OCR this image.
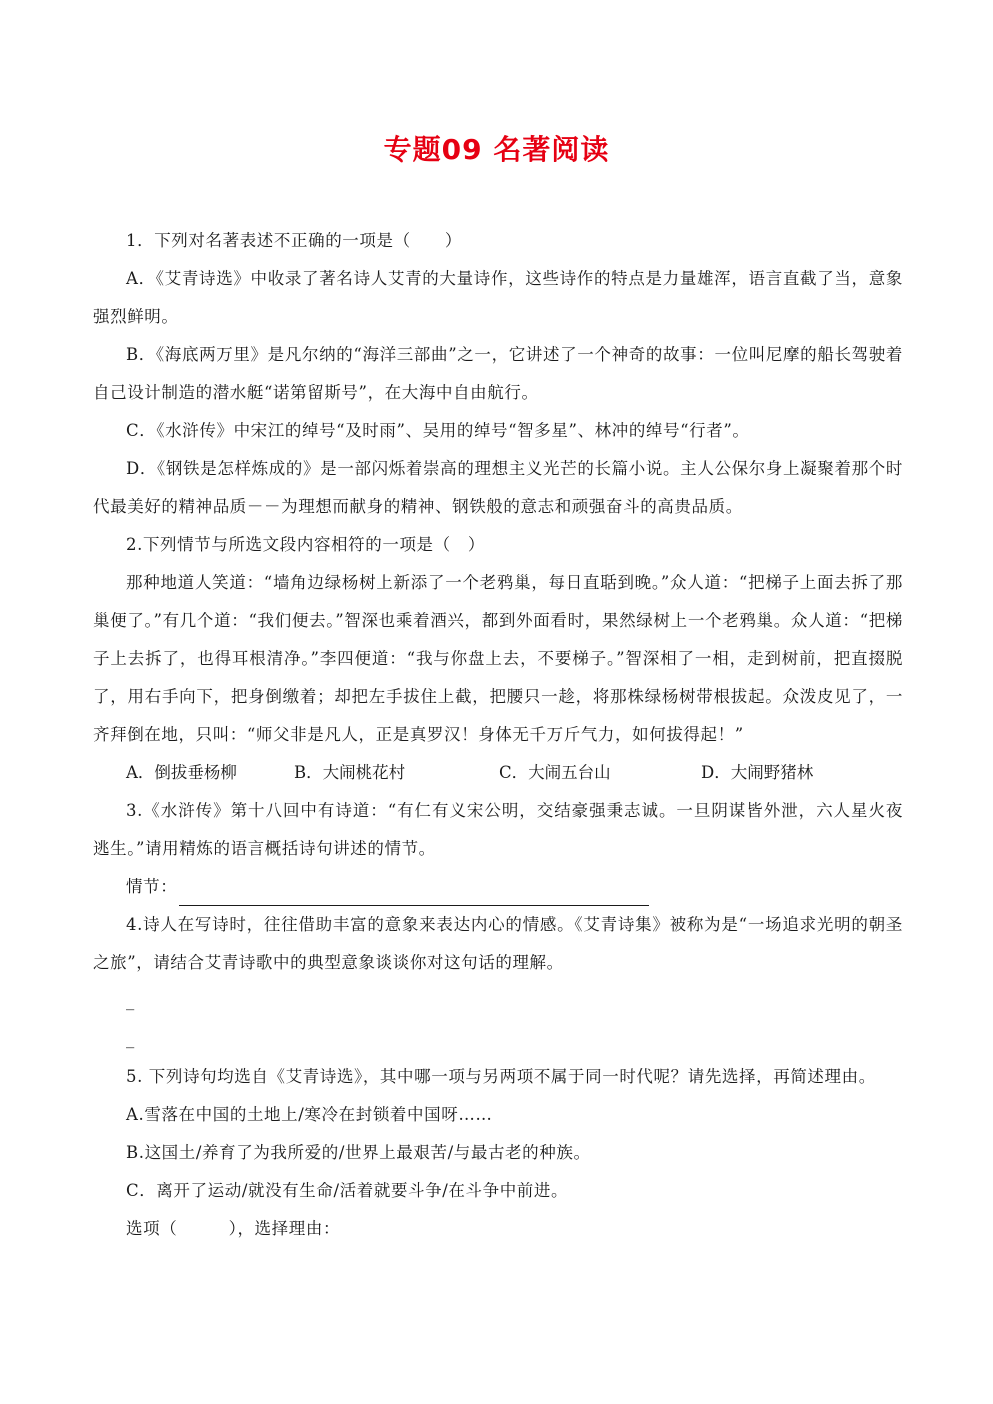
专题09 名著阅读

1．下列对名著表述不正确的一项是（　　）

A．《艾青诗选》中收录了著名诗人艾青的大量诗作，这些诗作的特点是力量雄浑，语言直截了当，意象强烈鲜明。

B．《海底两万里》是凡尔纳的“海洋三部曲”之一，它讲述了一个神奇的故事：一位叫尼摩的船长驾驶着自己设计制造的潜水艇“诺第留斯号”，在大海中自由航行。

C．《水浒传》中宋江的绰号“及时雨”、吴用的绰号“智多星”、林冲的绰号“行者”。

D．《钢铁是怎样炼成的》是一部闪烁着崇高的理想主义光芒的长篇小说。主人公保尔身上凝聚着那个时代最美好的精神品质－－为理想而献身的精神、钢铁般的意志和顽强奋斗的高贵品质。

2.下列情节与所选文段内容相符的一项是（　）

那种地道人笑道：“墙角边绿杨树上新添了一个老鸦巢，每日直聒到晚。”众人道：“把梯子上面去拆了那巢便了。”有几个道：“我们便去。”智深也乘着酒兴，都到外面看时，果然绿树上一个老鸦巢。众人道：“把梯子上去拆了，也得耳根清净。”李四便道：“我与你盘上去，不要梯子。”智深相了一相，走到树前，把直掇脱了，用右手向下，把身倒缴着；却把左手拔住上截，把腰只一趁，将那株绿杨树带根拔起。众泼皮见了，一齐拜倒在地，只叫：“师父非是凡人，正是真罗汉！身体无千万斤气力，如何拔得起！”

A．倒拔垂杨柳	B．大闹桃花村	C．大闹五台山	D．大闹野猪林

3.《水浒传》第十八回中有诗道：“有仁有义宋公明，交结豪强秉志诚。一旦阴谋皆外泄，六人星火夜逃生。”请用精炼的语言概括诗句讲述的情节。

情节：

4.诗人在写诗时，往往借助丰富的意象来表达内心的情感。《艾青诗集》被称为是“一场追求光明的朝圣之旅”，请结合艾青诗歌中的典型意象谈谈你对这句话的理解。

_
_

5. 下列诗句均选自《艾青诗选》，其中哪一项与另两项不属于同一时代呢？请先选择，再简述理由。

A.雪落在中国的土地上/寒冷在封锁着中国呀……

B.这国土/养育了为我所爱的/世界上最艰苦/与最古老的种族。

C．离开了运动/就没有生命/活着就要斗争/在斗争中前进。

选项（　　　），选择理由：
